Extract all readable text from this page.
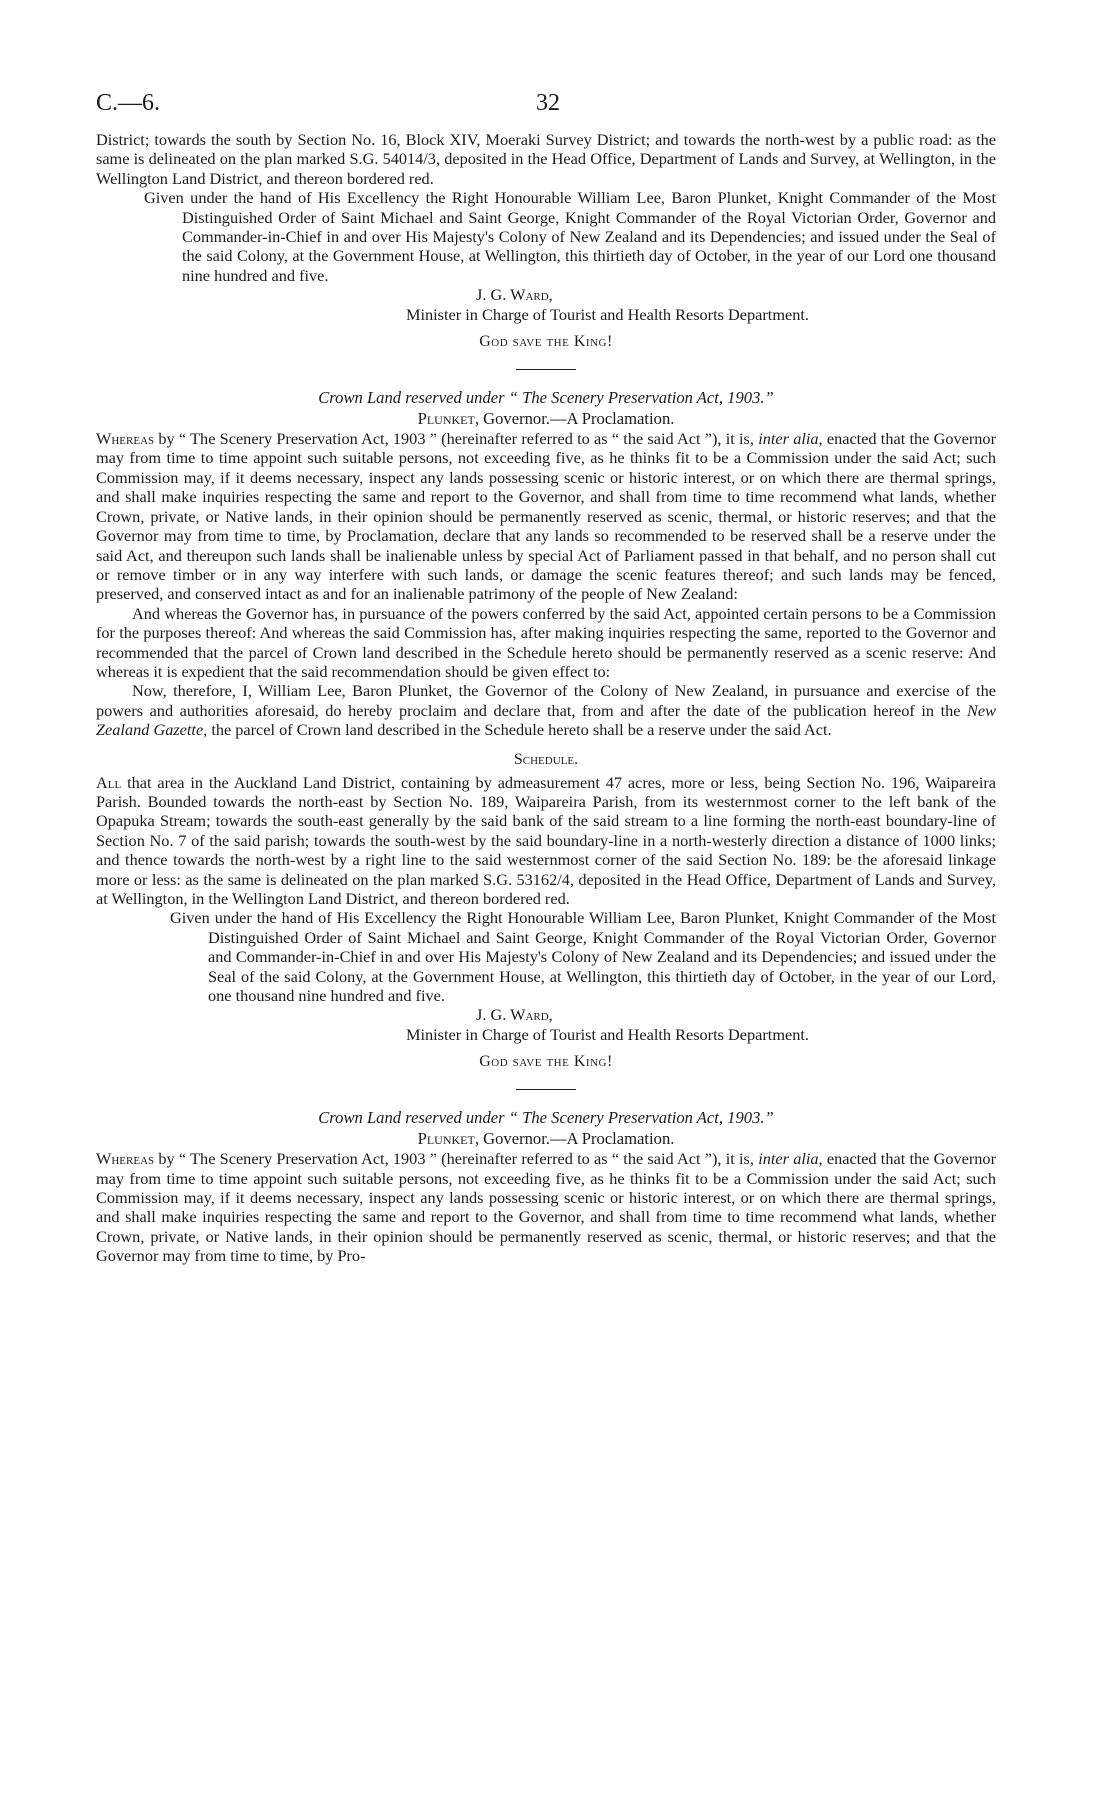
C.—6.	32

District; towards the south by Section No. 16, Block XIV, Moeraki Survey District; and towards the north-west by a public road: as the same is delineated on the plan marked S.G. 54014/3, deposited in the Head Office, Department of Lands and Survey, at Wellington, in the Wellington Land District, and thereon bordered red.

Given under the hand of His Excellency the Right Honourable William Lee, Baron Plunket, Knight Commander of the Most Distinguished Order of Saint Michael and Saint George, Knight Commander of the Royal Victorian Order, Governor and Commander-in-Chief in and over His Majesty's Colony of New Zealand and its Dependencies; and issued under the Seal of the said Colony, at the Government House, at Wellington, this thirtieth day of October, in the year of our Lord one thousand nine hundred and five.

J. G. Ward,

Minister in Charge of Tourist and Health Resorts Department.

God save the King!

Crown Land reserved under “ The Scenery Preservation Act, 1903.”

Plunket, Governor.—A Proclamation.

Whereas by “ The Scenery Preservation Act, 1903 ” (hereinafter referred to as “ the said Act ”), it is, inter alia, enacted that the Governor may from time to time appoint such suitable persons, not exceeding five, as he thinks fit to be a Commission under the said Act; such Commission may, if it deems necessary, inspect any lands possessing scenic or historic interest, or on which there are thermal springs, and shall make inquiries respecting the same and report to the Governor, and shall from time to time recommend what lands, whether Crown, private, or Native lands, in their opinion should be permanently reserved as scenic, thermal, or historic reserves; and that the Governor may from time to time, by Proclamation, declare that any lands so recommended to be reserved shall be a reserve under the said Act, and thereupon such lands shall be inalienable unless by special Act of Parliament passed in that behalf, and no person shall cut or remove timber or in any way interfere with such lands, or damage the scenic features thereof; and such lands may be fenced, preserved, and conserved intact as and for an inalienable patrimony of the people of New Zealand:

And whereas the Governor has, in pursuance of the powers conferred by the said Act, appointed certain persons to be a Commission for the purposes thereof: And whereas the said Commission has, after making inquiries respecting the same, reported to the Governor and recommended that the parcel of Crown land described in the Schedule hereto should be permanently reserved as a scenic reserve: And whereas it is expedient that the said recommendation should be given effect to:

Now, therefore, I, William Lee, Baron Plunket, the Governor of the Colony of New Zealand, in pursuance and exercise of the powers and authorities aforesaid, do hereby proclaim and declare that, from and after the date of the publication hereof in the New Zealand Gazette, the parcel of Crown land described in the Schedule hereto shall be a reserve under the said Act.

Schedule.

All that area in the Auckland Land District, containing by admeasurement 47 acres, more or less, being Section No. 196, Waipareira Parish. Bounded towards the north-east by Section No. 189, Waipareira Parish, from its westernmost corner to the left bank of the Opapuka Stream; towards the south-east generally by the said bank of the said stream to a line forming the north-east boundary-line of Section No. 7 of the said parish; towards the south-west by the said boundary-line in a north-westerly direction a distance of 1000 links; and thence towards the north-west by a right line to the said westernmost corner of the said Section No. 189: be the aforesaid linkage more or less: as the same is delineated on the plan marked S.G. 53162/4, deposited in the Head Office, Department of Lands and Survey, at Wellington, in the Wellington Land District, and thereon bordered red.

Given under the hand of His Excellency the Right Honourable William Lee, Baron Plunket, Knight Commander of the Most Distinguished Order of Saint Michael and Saint George, Knight Commander of the Royal Victorian Order, Governor and Commander-in-Chief in and over His Majesty's Colony of New Zealand and its Dependencies; and issued under the Seal of the said Colony, at the Government House, at Wellington, this thirtieth day of October, in the year of our Lord, one thousand nine hundred and five.

J. G. Ward,

Minister in Charge of Tourist and Health Resorts Department.

God save the King!

Crown Land reserved under “ The Scenery Preservation Act, 1903.”

Plunket, Governor.—A Proclamation.

Whereas by “ The Scenery Preservation Act, 1903 ” (hereinafter referred to as “ the said Act ”), it is, inter alia, enacted that the Governor may from time to time appoint such suitable persons, not exceeding five, as he thinks fit to be a Commission under the said Act; such Commission may, if it deems necessary, inspect any lands possessing scenic or historic interest, or on which there are thermal springs, and shall make inquiries respecting the same and report to the Governor, and shall from time to time recommend what lands, whether Crown, private, or Native lands, in their opinion should be permanently reserved as scenic, thermal, or historic reserves; and that the Governor may from time to time, by Pro-
